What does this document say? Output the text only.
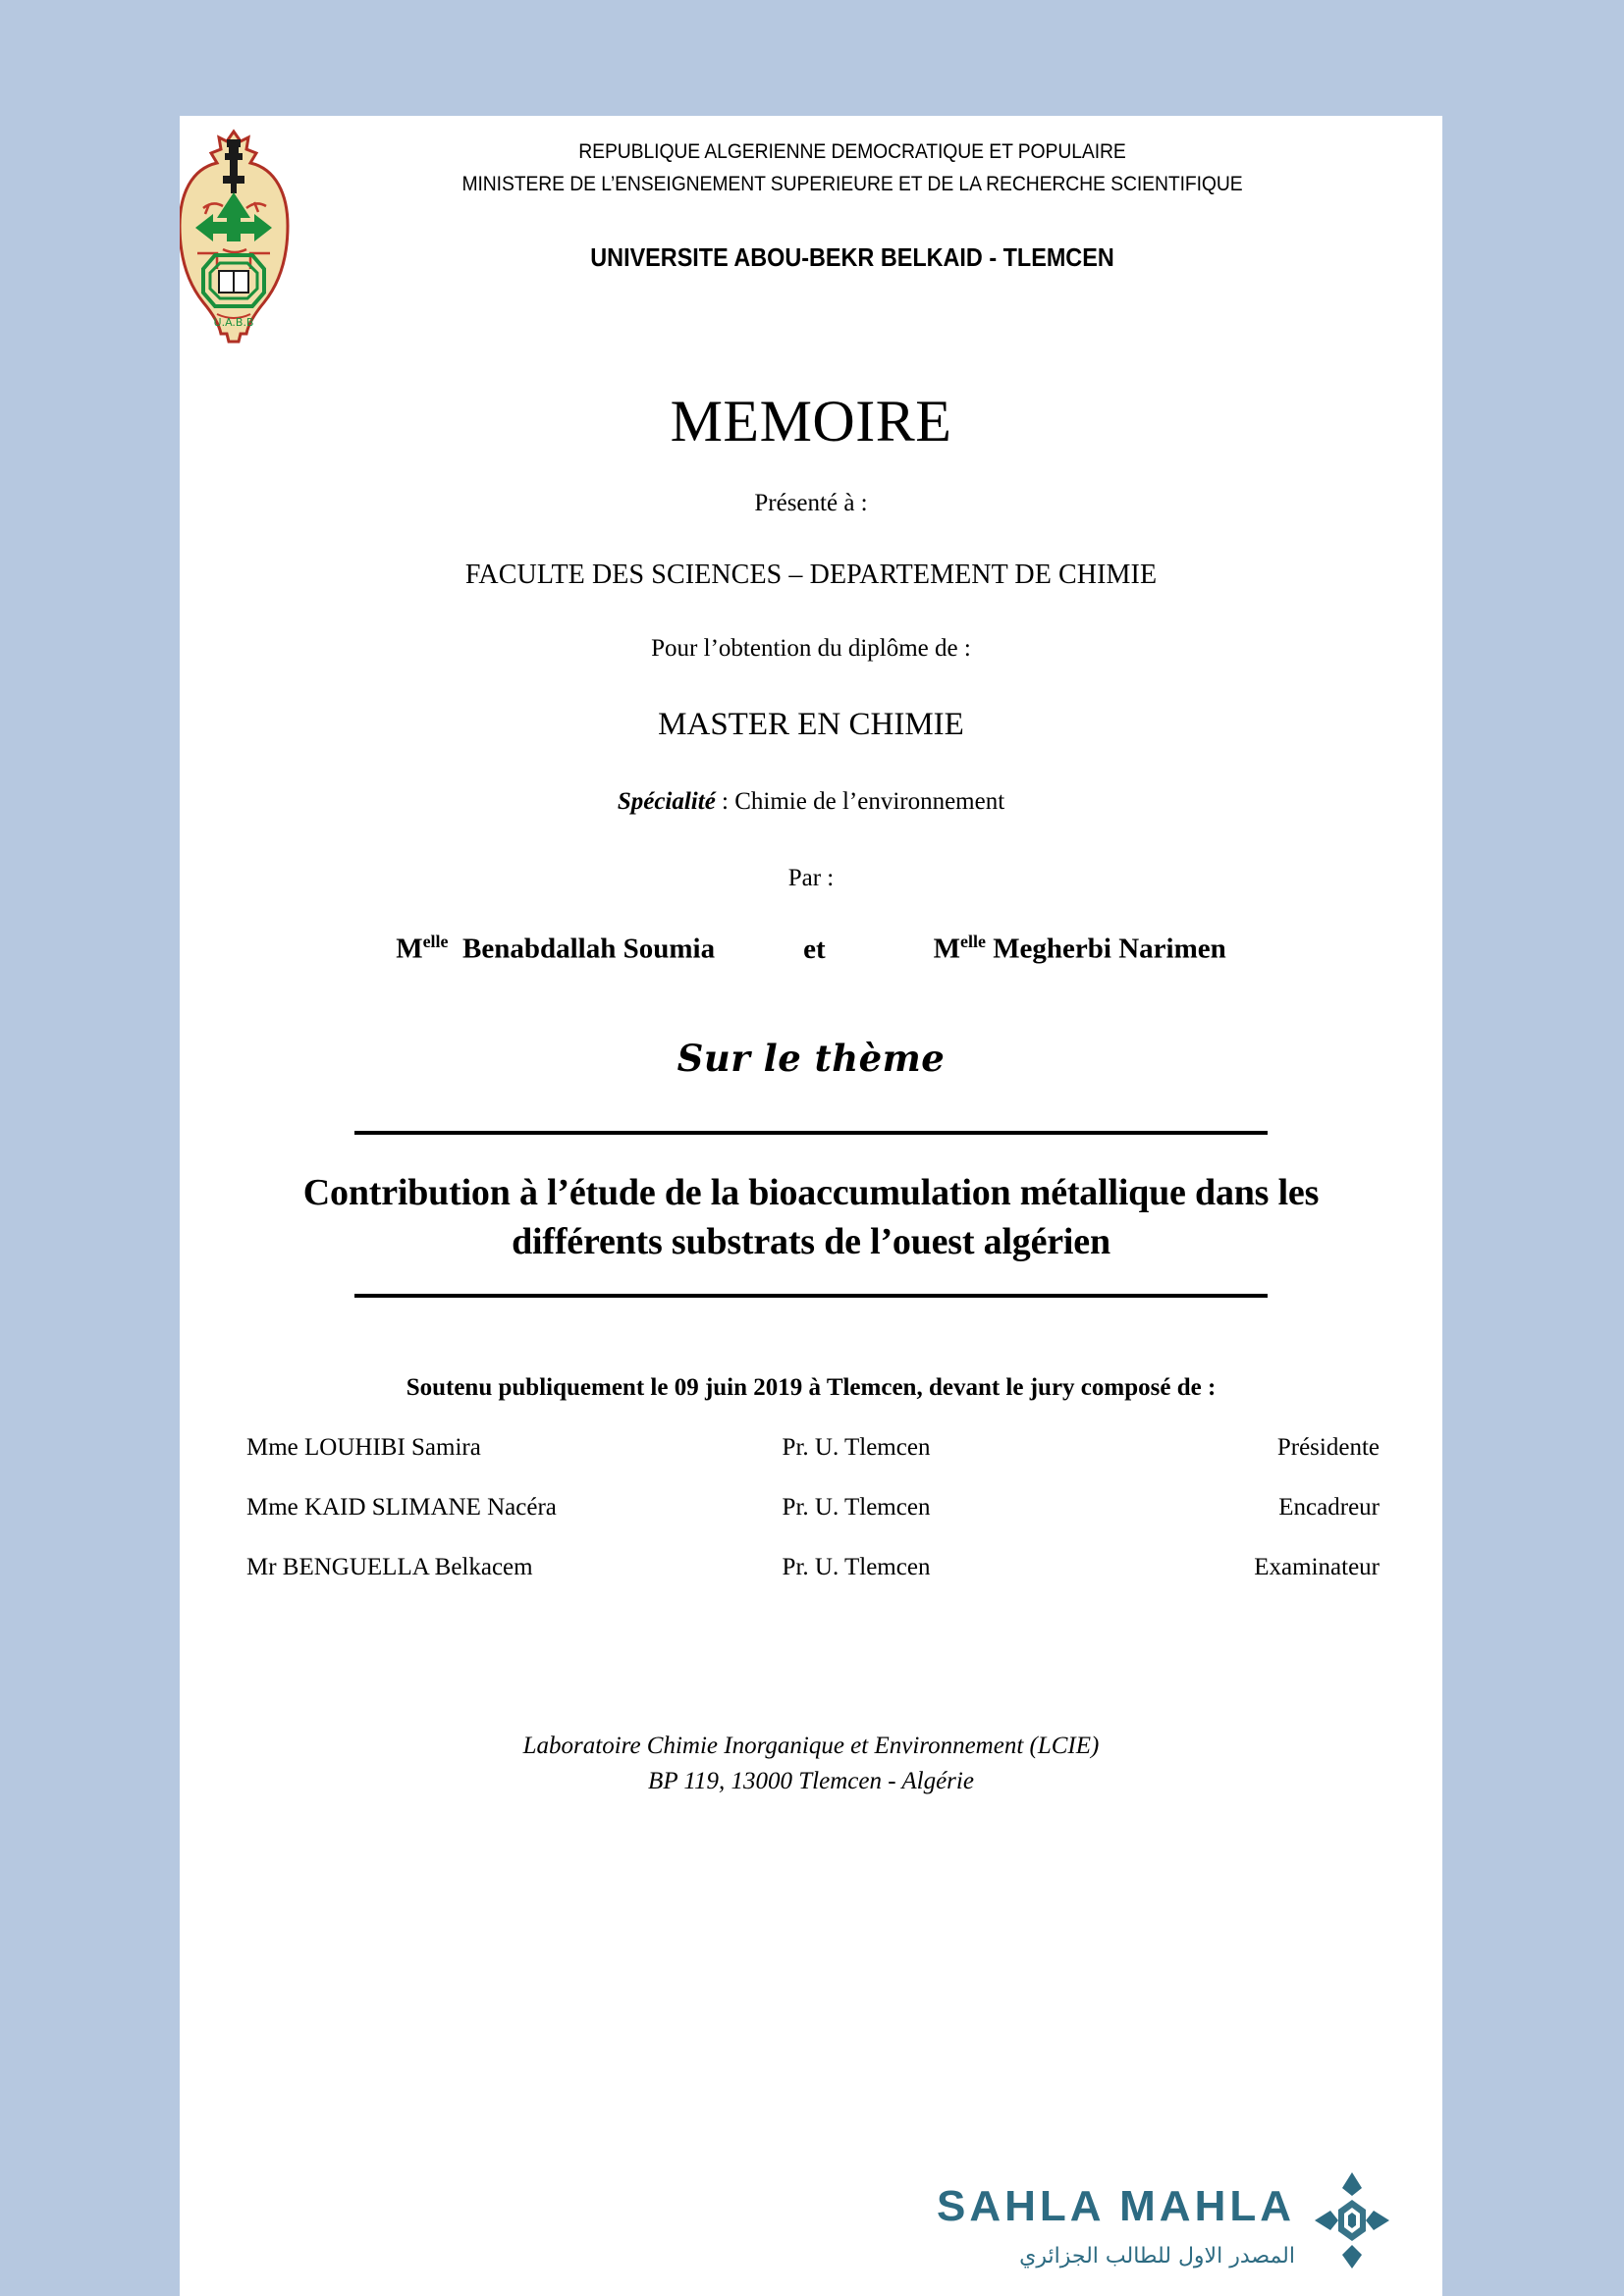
U.A.B.B
REPUBLIQUE ALGERIENNE DEMOCRATIQUE ET POPULAIRE
MINISTERE DE L’ENSEIGNEMENT SUPERIEURE ET DE LA RECHERCHE SCIENTIFIQUE
UNIVERSITE ABOU-BEKR BELKAID - TLEMCEN
MEMOIRE
Présenté à :
FACULTE DES SCIENCES – DEPARTEMENT DE CHIMIE
Pour l’obtention du diplôme de :
MASTER EN CHIMIE
Spécialité : Chimie de l’environnement
Par :
$M^{elle}$ Benabdallah Soumia	et	$M^{elle}$ Megherbi Narimen
Sur le thème
Contribution à l’étude de la bioaccumulation métallique dans les différents substrats de l’ouest algérien
Soutenu publiquement le 09 juin 2019 à Tlemcen, devant le jury composé de :
Mme LOUHIBI Samira	Pr. U. Tlemcen	Présidente
Mme KAID SLIMANE Nacéra	Pr. U. Tlemcen	Encadreur
Mr BENGUELLA Belkacem	Pr. U. Tlemcen	Examinateur
Laboratoire Chimie Inorganique et Environnement (LCIE)
BP 119, 13000 Tlemcen - Algérie
SAHLA MAHLA
المصدر الاول للطالب الجزائري
